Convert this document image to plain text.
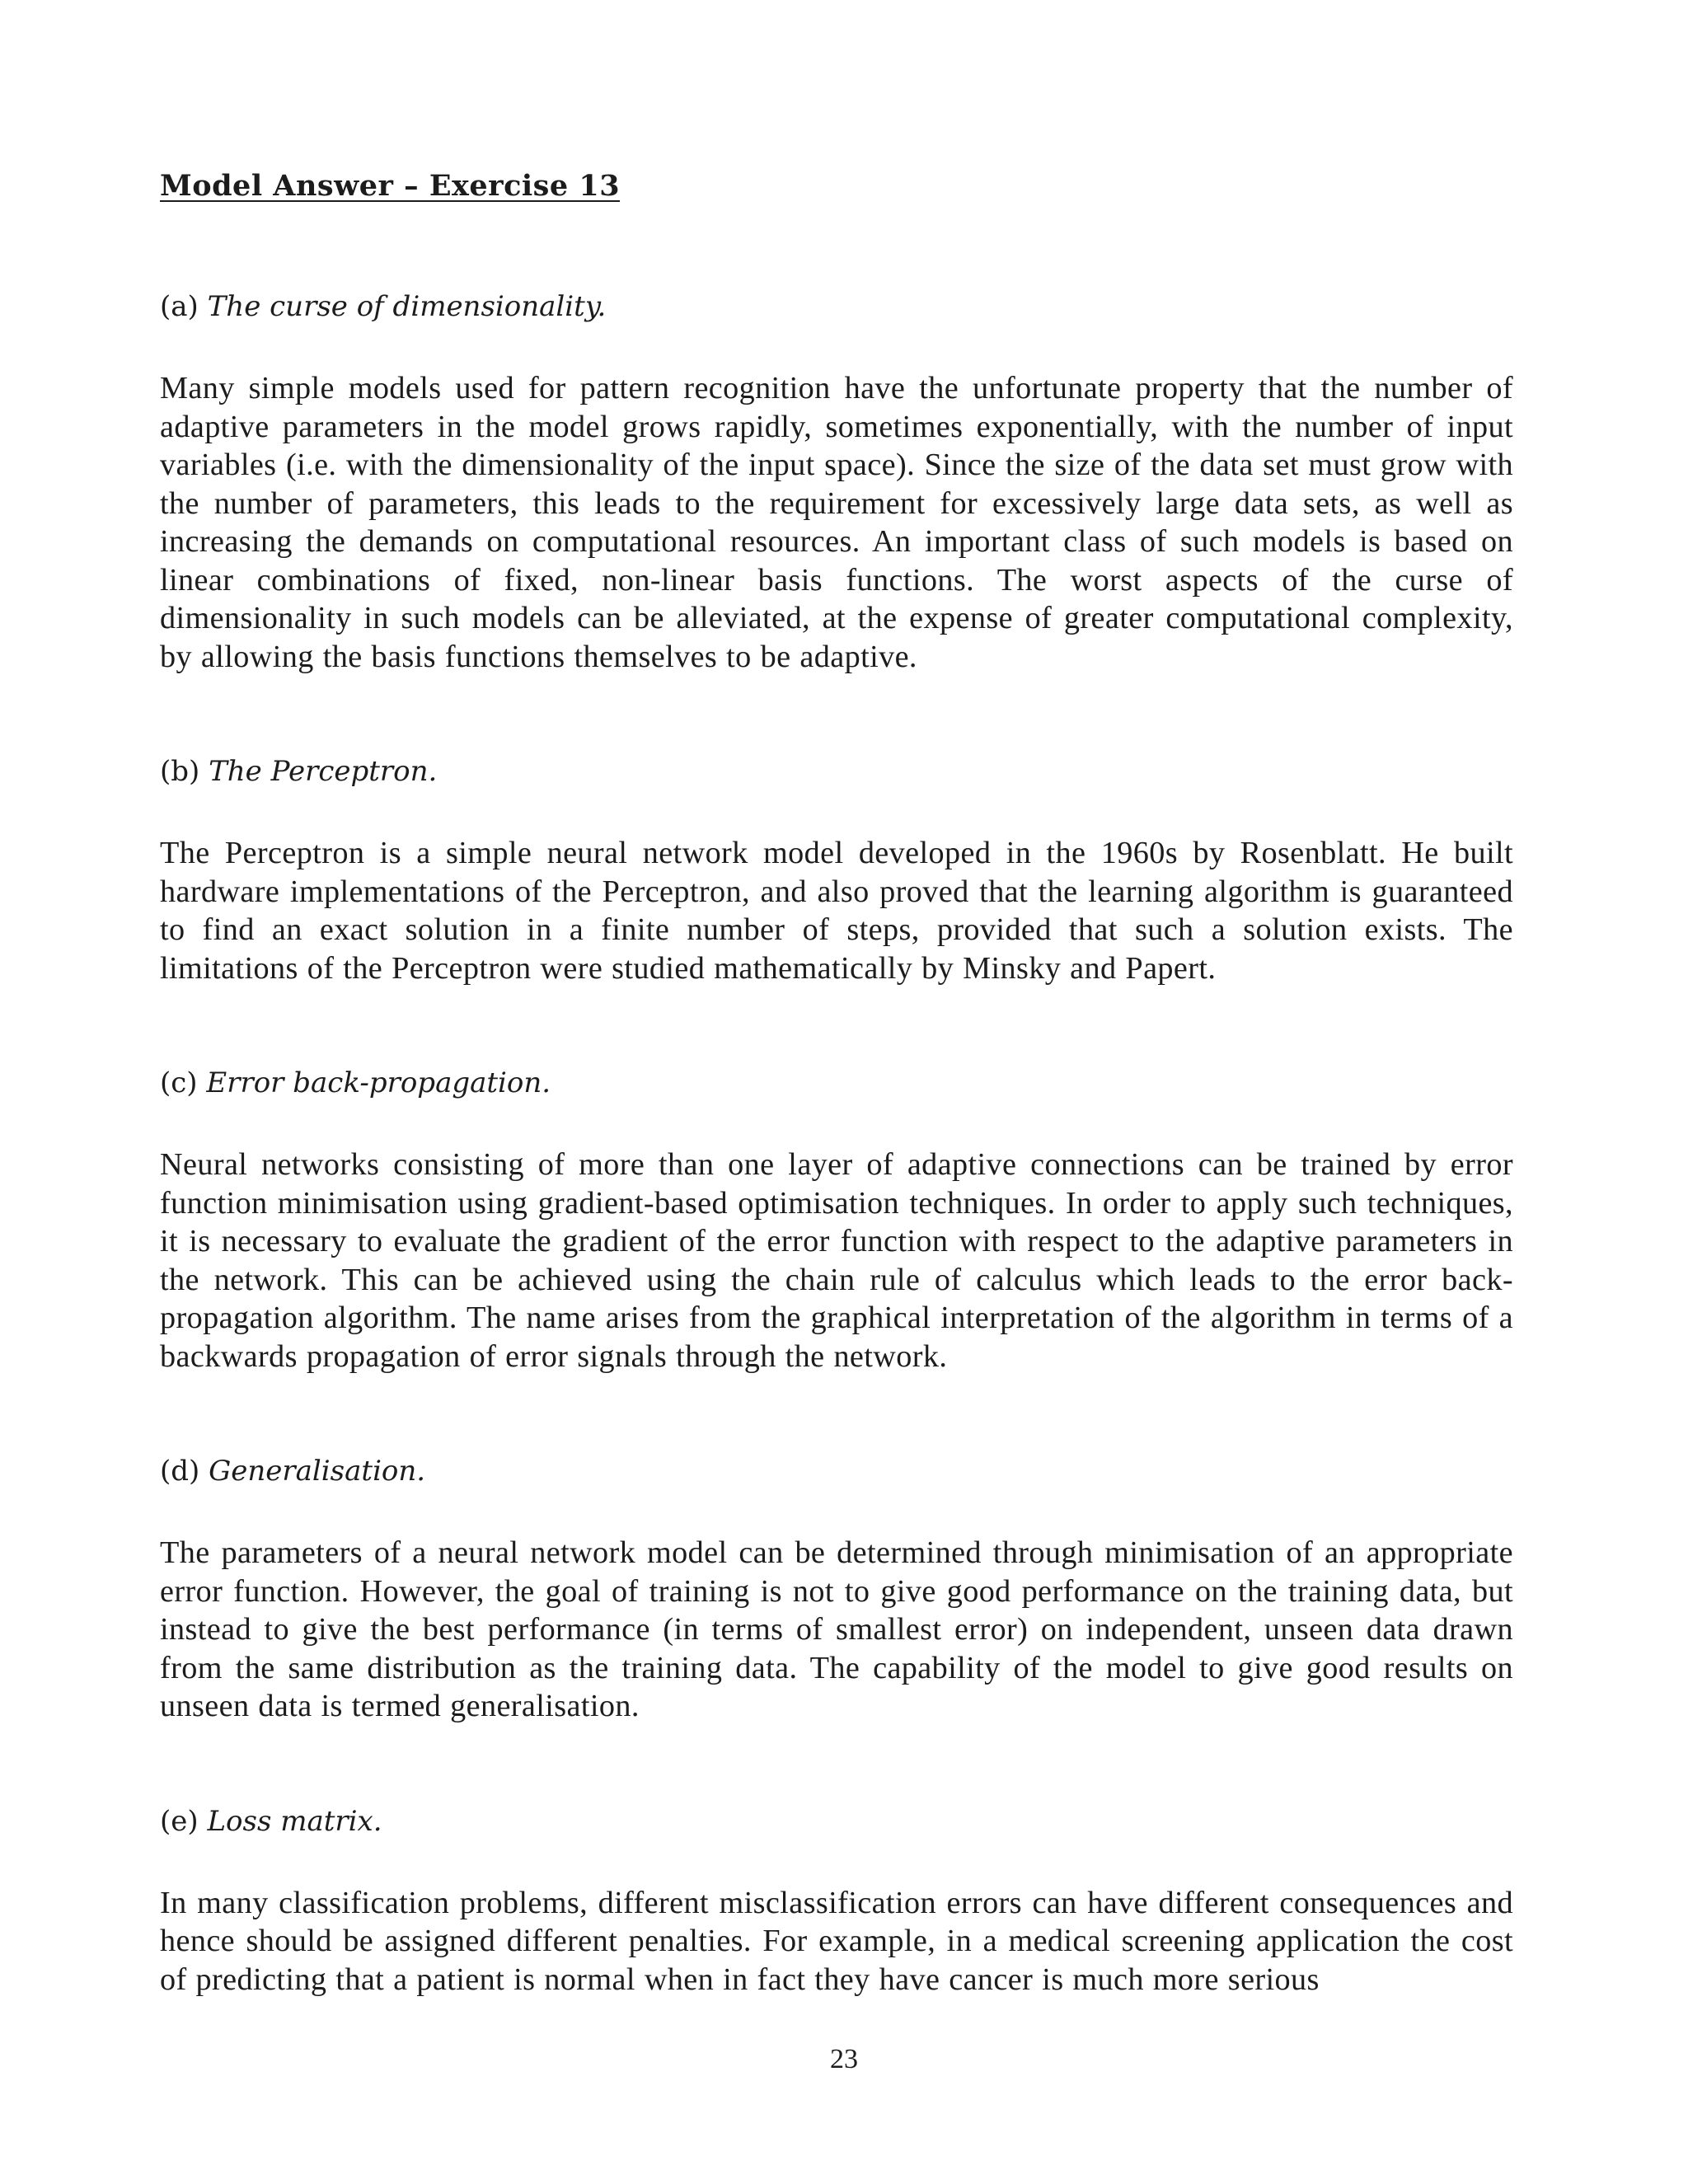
Model Answer – Exercise 13
(a) The curse of dimensionality.

Many simple models used for pattern recognition have the unfortunate property that the number of adaptive parameters in the model grows rapidly, sometimes exponentially, with the number of input variables (i.e. with the dimensionality of the input space). Since the size of the data set must grow with the number of parameters, this leads to the requirement for excessively large data sets, as well as increasing the demands on computational resources. An important class of such models is based on linear combinations of fixed, non-linear basis functions. The worst aspects of the curse of dimensionality in such models can be alleviated, at the expense of greater computational complexity, by allowing the basis functions themselves to be adaptive.

(b) The Perceptron.

The Perceptron is a simple neural network model developed in the 1960s by Rosenblatt. He built hardware implementations of the Perceptron, and also proved that the learning algorithm is guaranteed to find an exact solution in a finite number of steps, provided that such a solution exists. The limitations of the Perceptron were studied mathematically by Minsky and Papert.

(c) Error back-propagation.

Neural networks consisting of more than one layer of adaptive connections can be trained by error function minimisation using gradient-based optimisation techniques. In order to apply such techniques, it is necessary to evaluate the gradient of the error function with respect to the adaptive parameters in the network. This can be achieved using the chain rule of calculus which leads to the error back-propagation algorithm. The name arises from the graphical interpretation of the algorithm in terms of a backwards propagation of error signals through the network.

(d) Generalisation.

The parameters of a neural network model can be determined through minimisation of an appropriate error function. However, the goal of training is not to give good performance on the training data, but instead to give the best performance (in terms of smallest error) on independent, unseen data drawn from the same distribution as the training data. The capability of the model to give good results on unseen data is termed generalisation.

(e) Loss matrix.

In many classification problems, different misclassification errors can have different consequences and hence should be assigned different penalties. For example, in a medical screening application the cost of predicting that a patient is normal when in fact they have cancer is much more serious

23
